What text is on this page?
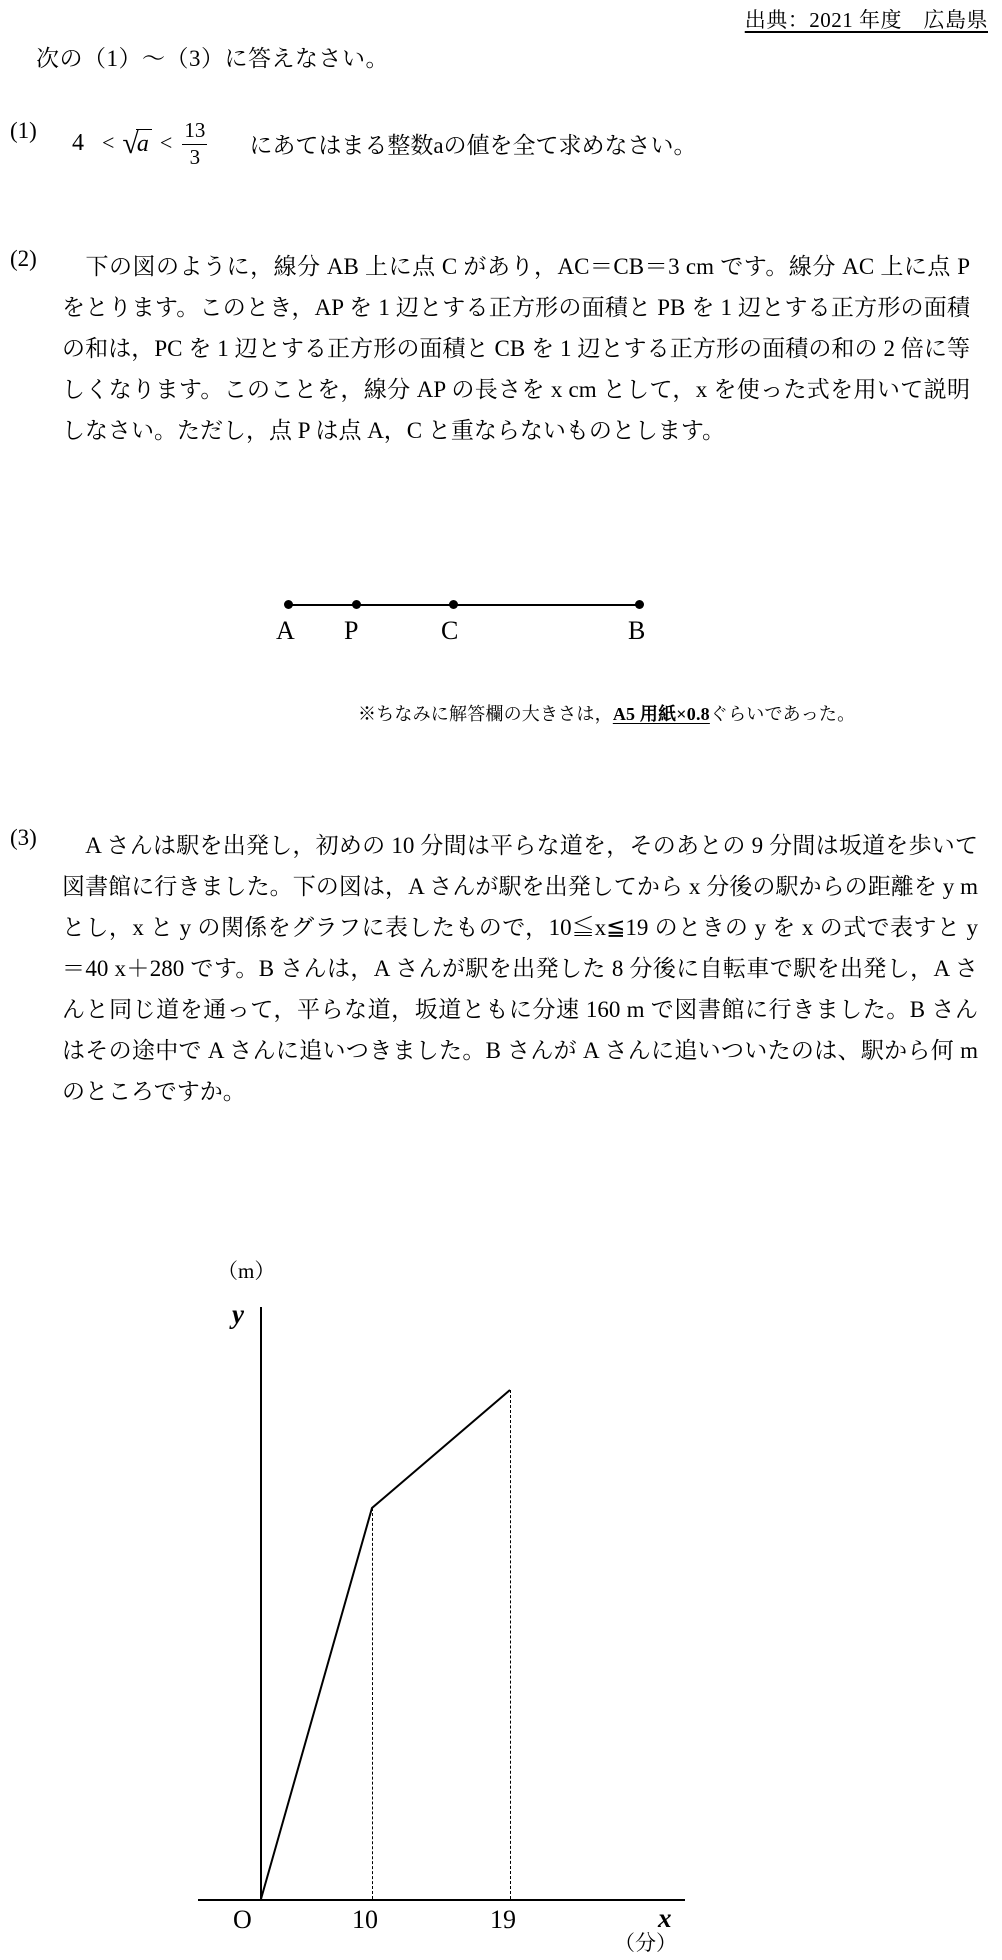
出典：2021 年度　広島県
次の（1）〜（3）に答えなさい。
(1) 4 < √
$a < \frac{13}{3}$ にあてはまる整数aの値を全て求めなさい。
(2) 　下の図のように，線分 AB 上に点 C があり，AC＝CB＝3 cm です。線分 AC 上に点 P をとります。このとき，AP を 1 辺とする正方形の面積と PB を 1 辺とする正方形の面積の和は，PC を 1 辺とする正方形の面積と CB を 1 辺とする正方形の面積の和の 2 倍に等しくなります。このことを，線分 AP の長さを x cm として，x を使った式を用いて説明しなさい。ただし，点 P は点 A，C と重ならないものとします。
A P	C	B
※ちなみに解答欄の大きさは，A5 用紙×0.8ぐらいであった。
(3) 　A さんは駅を出発し，初めの 10 分間は平らな道を，そのあとの 9 分間は坂道を歩いて図書館に行きました。下の図は，A さんが駅を出発してから x 分後の駅からの距離を y m とし，x と y の関係をグラフに表したもので，10≦x≦19 のときの y を x の式で表すと y＝40 x＋280 です。B さんは，A さんが駅を出発した 8 分後に自転車で駅を出発し，A さんと同じ道を通って，平らな道，坂道ともに分速 160 m で図書館に行きました。B さんはその途中で A さんに追いつきました。B さんが A さんに追いついたのは、駅から何 m のところですか。
（m）
y
O	x
（分）
10	19
